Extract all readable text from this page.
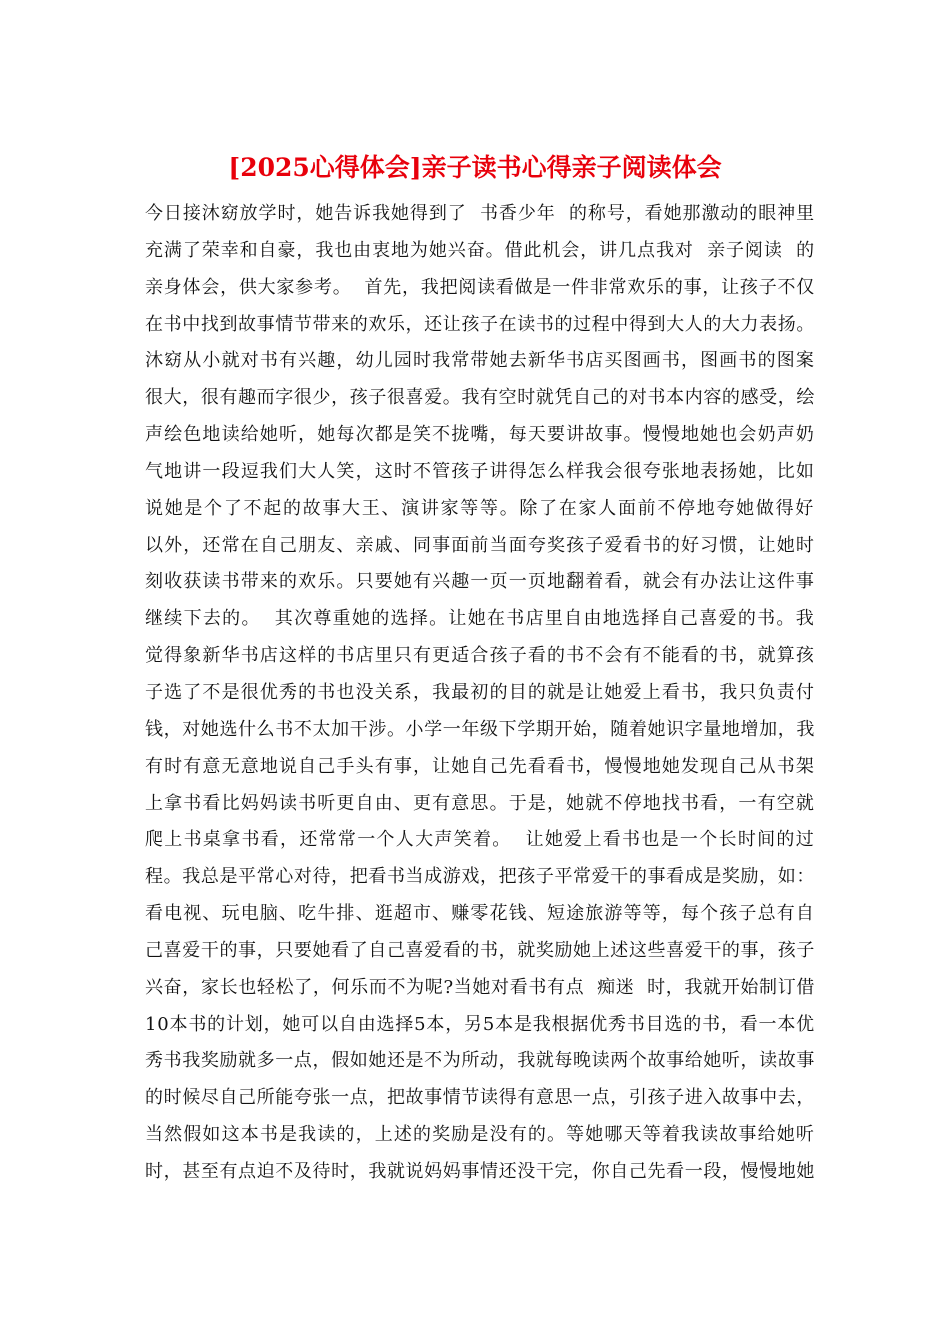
[2025心得体会]亲子读书心得亲子阅读体会
今日接沐窈放学时，她告诉我她得到了  书香少年  的称号，看她那激动的眼神里
充满了荣幸和自豪，我也由衷地为她兴奋。借此机会，讲几点我对  亲子阅读  的
亲身体会，供大家参考。  首先，我把阅读看做是一件非常欢乐的事，让孩子不仅
在书中找到故事情节带来的欢乐，还让孩子在读书的过程中得到大人的大力表扬。
沐窈从小就对书有兴趣，幼儿园时我常带她去新华书店买图画书，图画书的图案
很大，很有趣而字很少，孩子很喜爱。我有空时就凭自己的对书本内容的感受，绘
声绘色地读给她听，她每次都是笑不拢嘴，每天要讲故事。慢慢地她也会奶声奶
气地讲一段逗我们大人笑，这时不管孩子讲得怎么样我会很夸张地表扬她，比如
说她是个了不起的故事大王、演讲家等等。除了在家人面前不停地夸她做得好
以外，还常在自己朋友、亲戚、同事面前当面夸奖孩子爱看书的好习惯，让她时
刻收获读书带来的欢乐。只要她有兴趣一页一页地翻着看，就会有办法让这件事
继续下去的。  其次尊重她的选择。让她在书店里自由地选择自己喜爱的书。我
觉得象新华书店这样的书店里只有更适合孩子看的书不会有不能看的书，就算孩
子选了不是很优秀的书也没关系，我最初的目的就是让她爱上看书，我只负责付
钱，对她选什么书不太加干涉。小学一年级下学期开始，随着她识字量地增加，我
有时有意无意地说自己手头有事，让她自己先看看书，慢慢地她发现自己从书架
上拿书看比妈妈读书听更自由、更有意思。于是，她就不停地找书看，一有空就
爬上书桌拿书看，还常常一个人大声笑着。  让她爱上看书也是一个长时间的过
程。我总是平常心对待，把看书当成游戏，把孩子平常爱干的事看成是奖励，如：
看电视、玩电脑、吃牛排、逛超市、赚零花钱、短途旅游等等，每个孩子总有自
己喜爱干的事，只要她看了自己喜爱看的书，就奖励她上述这些喜爱干的事，孩子
兴奋，家长也轻松了，何乐而不为呢?当她对看书有点  痴迷  时，我就开始制订借
10本书的计划，她可以自由选择5本，另5本是我根据优秀书目选的书，看一本优
秀书我奖励就多一点，假如她还是不为所动，我就每晚读两个故事给她听，读故事
的时候尽自己所能夸张一点，把故事情节读得有意思一点，引孩子进入故事中去，
当然假如这本书是我读的，上述的奖励是没有的。等她哪天等着我读故事给她听
时，甚至有点迫不及待时，我就说妈妈事情还没干完，你自己先看一段，慢慢地她
